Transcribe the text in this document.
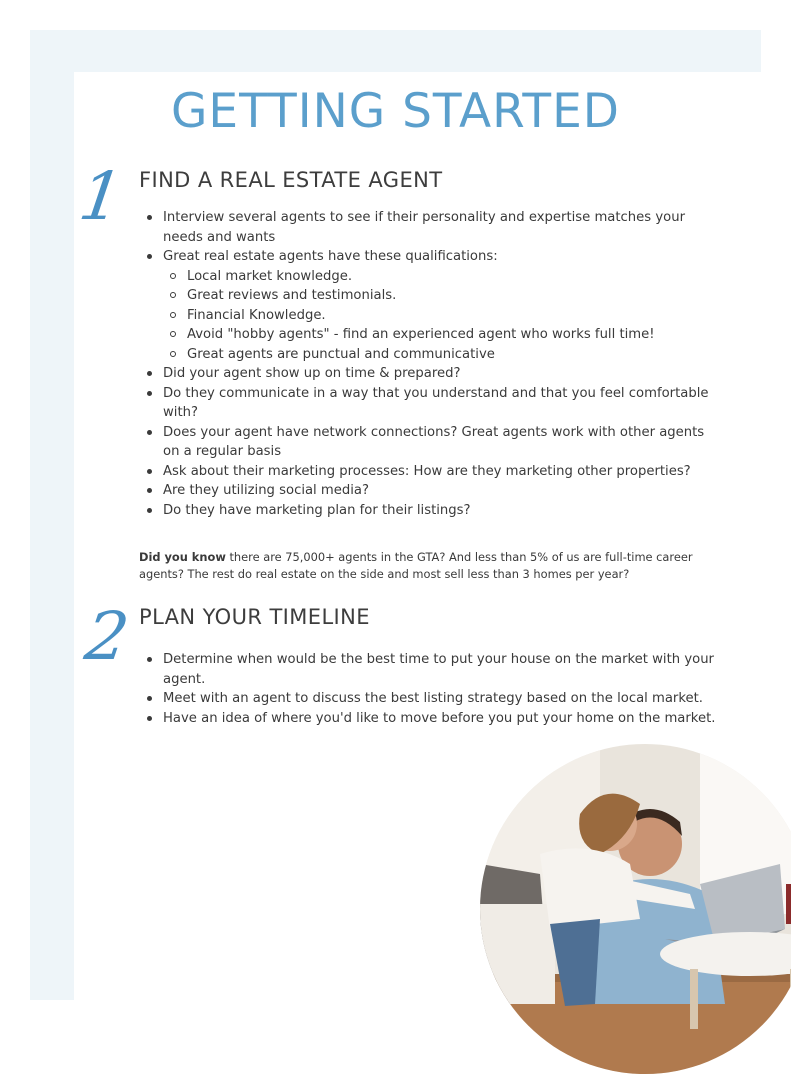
GETTING STARTED
1 FIND A REAL ESTATE AGENT
Interview several agents to see if their personality and expertise matches your needs and wants
Great real estate agents have these qualifications:
Local market knowledge.
Great reviews and testimonials.
Financial Knowledge.
Avoid "hobby agents" - find an experienced agent who works full time!
Great agents are punctual and communicative
Did your agent show up on time & prepared?
Do they communicate in a way that you understand and that you feel comfortable with?
Does your agent have network connections? Great agents work with other agents on a regular basis
Ask about their marketing processes: How are they marketing other properties?
Are they utilizing social media?
Do they have marketing plan for their listings?

Did you know there are 75,000+ agents in the GTA? And less than 5% of us are full-time career agents? The rest do real estate on the side and most sell less than 3 homes per year?

2 PLAN YOUR TIMELINE
Determine when would be the best time to put your house on the market with your agent.
Meet with an agent to discuss the best listing strategy based on the local market.
Have an idea of where you'd like to move before you put your home on the market.
